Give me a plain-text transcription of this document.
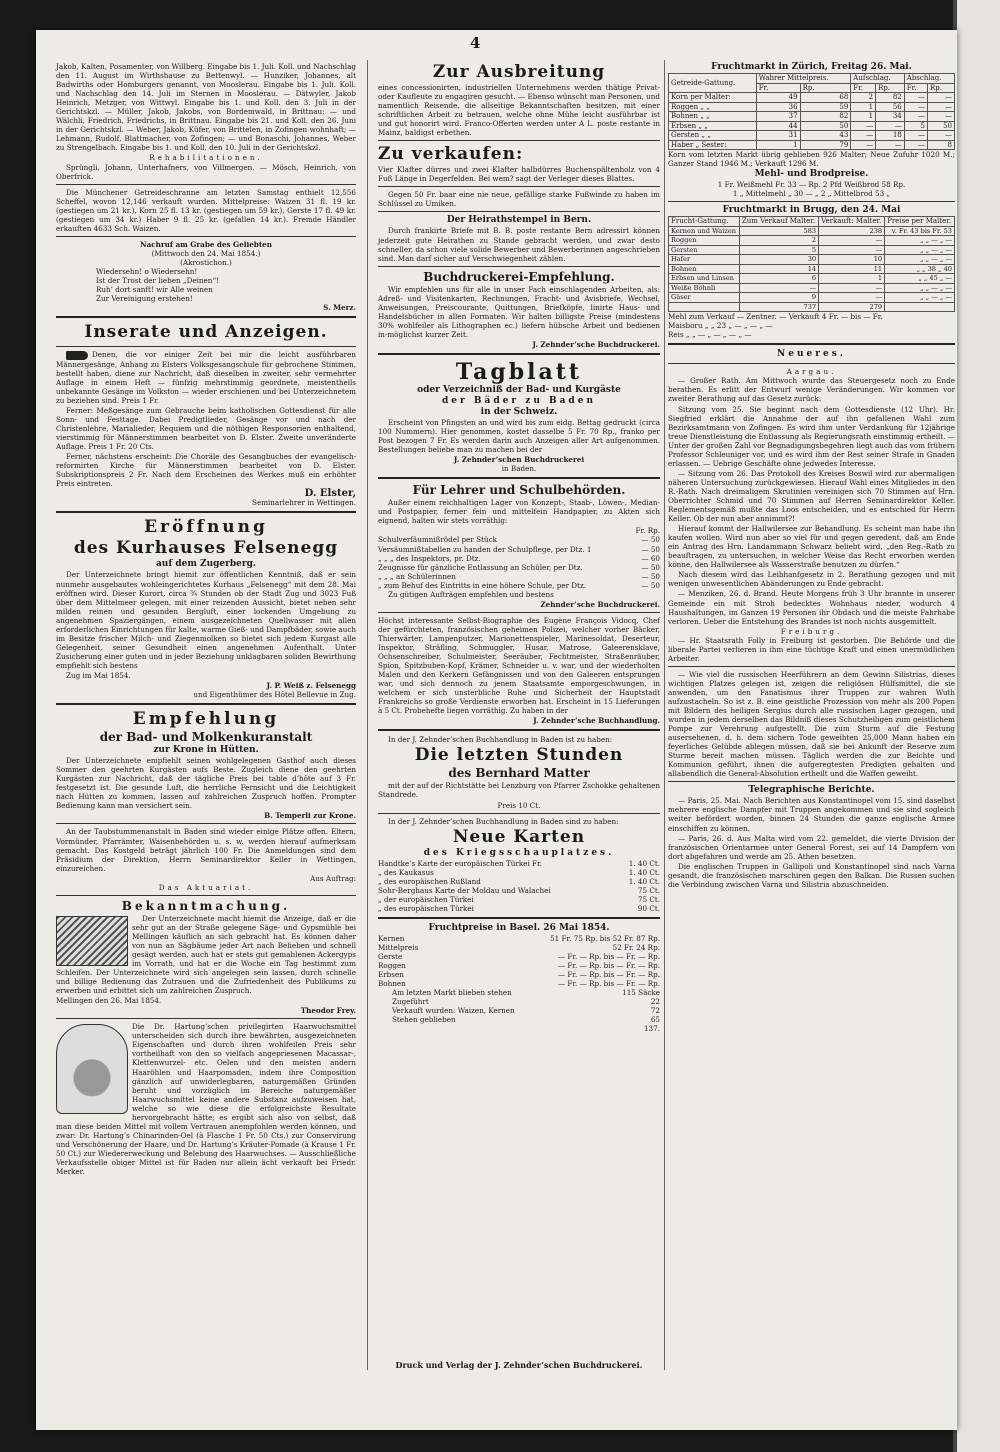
4

Jakob, Kalten, Posamenter, von Willberg. Eingabe bis 1. Juli. Koll. und Nachschlag den 11. August im Wirthshause zu Bettenwyl. — Hunziker, Johannes, alt Badwirths oder Homburgers genannt, von Mooslerau. Eingabe bis 1. Juli. Koll. und Nachschlag den 14. Juli im Sternen in Mooslerau. — Dätwyler, Jakob Heinrich, Metzger, von Wittwyl. Eingabe bis 1. und Koll. den 3. Juli in der Gerichtskzl. — Müller, Jakob, Jakobs, von Bordemwald, in Brittnau; — und Wälchli, Friedrich, Friedrichs, in Brittnau. Eingabe bis 21. und Koll. den 26. Juni in der Gerichtskzl. — Weber, Jakob, Küfer, von Brittelen, in Zofingen wohnhaft; — Lehmann, Rudolf, Blattmacher, von Zofingen; — und Bonaschi, Johannes, Weber zu Strengelbach. Eingabe bis 1. und Koll. den 10. Juli in der Gerichtskzl.

Rehabilitationen.

Sprüngli, Johann, Unterhafners, von Villmergen. — Mösch, Heinrich, von Oberfrick.

Die Münchener Getreideschranne am letzten Samstag enthielt 12,556 Scheffel, wovon 12,146 verkauft wurden. Mittelpreise: Waizen 31 fl. 19 kr. (gestiegen um 21 kr.), Korn 25 fl. 13 kr. (gestiegen um 59 kr.), Gerste 17 fl. 49 kr. (gestiegen um 34 kr.) Haber 9 fl. 25 kr. (gefallen 14 kr.). Fremde Händler erkauften 4633 Sch. Waizen.

Nachruf am Grabe des Geliebten
(Mittwoch den 24. Mai 1854.)
(Akrostichon.)
Wiedersehn! o Wiedersehn!
Ist der Trost der lieben „Deinen“!
Ruh’ dort sanft! wir Alle weinen
Zur Vereinigung erstehen!
S. Merz.
Inserate und Anzeigen.

Denen, die vor einiger Zeit bei mir die leicht ausführbaren Männergesänge, Anhang zu Elsters Volksgesangschule für gebrochene Stimmen, bestellt haben, diene zur Nachricht, daß dieselben in zweiter, sehr vermehrter Auflage in einem Heft — fünfzig mehrstimmig geordnete, meistentheils unbekannte Gesänge im Volkston — wieder erschienen und bei Unterzeichnetem zu beziehen sind. Preis 1 Fr.

Ferner: Meßgesänge zum Gebrauche beim katholischen Gottesdienst für alle Sonn- und Festtage. Dabei Predigtlieder, Gesänge vor und nach der Christenlehre, Marialieder, Requiem und die nöthigen Responsorien enthaltend, vierstimmig für Männerstimmen bearbeitet von D. Elster. Zweite unveränderte Auflage. Preis 1 Fr. 20 Cts.

Ferner, nächstens erscheint: Die Choräle des Gesangbuches der evangelisch-reformirten Kirche für Männerstimmen bearbeitet von D. Elster. Subskriptionspreis 2 Fr. Nach dem Erscheinen des Werkes muß ein erhöhter Preis eintreten.

D. Elster,
Seminarlehrer in Wettingen.
Eröffnung
des Kurhauses Felsenegg
auf dem Zugerberg.

Der Unterzeichnete bringt hiemit zur öffentlichen Kenntniß, daß er sein nunmehr ausgebautes wohleingerichtetes Kurhaus „Felsenegg“ mit dem 28. Mai eröffnen wird. Dieser Kurort, circa ¾ Stunden ob der Stadt Zug und 3023 Fuß über dem Mittelmeer gelegen, mit einer reizenden Aussicht, bietet neben sehr milden reinen und gesunden Bergluft, einer lockenden Umgebung zu angenehmen Spaziergängen, einem ausgezeichneten Quellwasser mit allen erforderlichen Einrichtungen für kalte, warme Gieß- und Dampfbäder, sowie auch im Besitze frischer Milch- und Ziegenmolken so bietet sich jedem Kurgast alle Gelegenheit, seiner Gesundheit einen angenehmen Aufenthalt. Unter Zusicherung einer guten und in jeder Beziehung unklagbaren soliden Bewirthung empfiehlt sich bestens

Zug im Mai 1854.

J. P. Weiß z. Felsenegg
und Eigenthümer des Hôtel Bellevue in Zug.
Empfehlung
der Bad- und Molkenkuranstalt
zur Krone in Hütten.

Der Unterzeichnete empfiehlt seinen wohlgelegenen Gasthof auch dieses Sommer den geehrten Kurgästen aufs Beste. Zugleich diene den geehrten Kurgästen zur Nachricht, daß der tägliche Preis bei table d’hôte auf 3 Fr. festgesetzt ist. Die gesunde Luft, die herrliche Fernsicht und die Leichtigkeit nach Hütten zu kommen, lassen auf zahlreichen Zuspruch hoffen. Prompter Bedienung kann man versichert sein.

B. Temperli zur Krone.

An der Taubstummenanstalt in Baden sind wieder einige Plätze offen. Eltern, Vormünder, Pfarrämter, Waisenbehörden u. s. w. werden hierauf aufmerksam gemacht. Das Kostgeld beträgt jährlich 100 Fr. Die Anmeldungen sind dem Präsidium der Direktion, Herrn Seminardirektor Keller in Wettingen, einzureichen.

Aus Auftrag:
Das Aktuariat.
Bekanntmachung.

Der Unterzeichnete macht hiemit die Anzeige, daß er die sehr gut an der Straße gelegene Säge- und Gypsmühle bei Mellingen käuflich an sich gebracht hat. Es können daher von nun an Sägbäume jeder Art nach Belieben und schnell gesägt werden, auch hat er stets gut gemahlenen Ackergyps im Vorrath, und hat er die Woche ein Tag bestimmt zum Schleifen. Der Unterzeichnete wird sich angelegen sein lassen, durch schnelle und billige Bedienung das Zutrauen und die Zufriedenheit des Publikums zu erwerben und erbittet sich um zahlreichen Zuspruch.

Mellingen den 26. Mai 1854.

Theodor Frey.

Die Dr. Hartung’schen privilegirten Haarwuchsmittel unterscheiden sich durch ihre bewährten, ausgezeichneten Eigenschaften und durch ihren wohlfeilen Preis sehr vortheilhaft von den so vielfach angepriesenen Macassar-, Klettenwurzel- etc. Oelen und den meisten andern Haaröhlen und Haarpomaden, indem ihre Composition gänzlich auf unwiderlegbaren, naturgemäßen Gründen beruht und vorzüglich im Bereiche naturgemäßer Haarwuchsmittel keine andere Substanz aufzuweisen hat, welche so wie diese die erfolgreichste Resultate hervorgebracht hätte; es ergibt sich also von selbst, daß man diese beiden Mittel mit vollem Vertrauen anempfohlen werden können, und zwar: Dr. Hartung’s Chinarinden-Oel (à Flasche 1 Fr. 50 Cts.) zur Conservirung und Verschönerung der Haare, und Dr. Hartung’s Kräuter-Pomade (à Krause 1 Fr. 50 Ct.) zur Wiedererweckung und Belebung des Haarwuchses. — Ausschließliche Verkaufsstelle obiger Mittel ist für Baden nur allein ächt verkauft bei Friedr. Merker.

Zur Ausbreitung

eines concessionirten, industriellen Unternehmens werden thätige Privat- oder Kaufleute zu engagiren gesucht. — Ebenso wünscht man Personen, und namentlich Reisende, die allseitige Bekanntschaften besitzen, mit einer schriftlichen Arbeit zu betrauen, welche ohne Mühe leicht ausführbar ist und gut honorirt wird. Franco-Offerten werden unter A L. poste restante in Mainz, baldigst erbethen.

Zu verkaufen:

Vier Klafter dürres und zwei Klafter halbdürres Buchenspältenholz von 4 Fuß Länge in Degerfelden. Bei wem? sagt der Verleger dieses Blattes.

Gegen 50 Fr. baar eine nie neue, gefällige starke Fußwinde zu haben im Schlüssel zu Umiken.

Der Heirathstempel in Bern.

Durch frankirte Briefe mit B. B. poste restante Bern adressirt können jederzeit gute Heirathen zu Stande gebracht werden, und zwar desto schneller, da schon viele solide Bewerber und Bewerberinnen angeschrieben sind. Man darf sicher auf Verschwiegenheit zählen.

Buchdruckerei-Empfehlung.

Wir empfehlen uns für alle in unser Fach einschlagenden Arbeiten, als: Adreß- und Visitenkarten, Rechnungen, Fracht- und Avisbriefe, Wechsel, Anweisungen, Preiscourante, Quittungen, Briefköpfe, linirte Haus- und Handelsbücher in allen Formaten. Wir halten billigste Preise (mindestens 30% wohlfeiler als Lithographen ec.) liefern hübsche Arbeit und bedienen in-möglichst kurzer Zeit.

J. Zehnder’sche Buchdruckerei.
Tagblatt
oder Verzeichniß der Bad- und Kurgäste
der Bäder zu Baden
in der Schweiz.

Erscheint von Pfingsten an und wird bis zum eidg. Bettag gedruckt (circa 100 Nummern). Hier genommen, kostet dasselbe 5 Fr. 70 Rp., franko per Post bezogen 7 Fr. Es werden darin auch Anzeigen aller Art aufgenommen. Bestellungen beliebe man zu machen bei der

J. Zehnder’schen Buchdruckerei
in Baden.
Für Lehrer und Schulbehörden.

Außer einem reichhaltigen Lager von Konzept-, Staab-, Löwen-, Median- und Postpapier, ferner fein und mittelfein Handpapier, zu Akten sich eignend, halten wir stets vorräthig:

Fr. Rp.
Schulverfäumnißrödel per Stück	— 50
Versäumnißtabellen zu handen der Schulpflege, per Dtz. 1	— 50
„ „ „ des Inspektors, pr. Dtz.	— 60
Zeugnisse für gänzliche Entlassung an Schüler, per Dtz.	— 50
„ „ „ an Schülerinnen	— 50
„ zum Behuf des Eintritts in eine höhere Schule, per Dtz.	— 50

Zu gütigen Aufträgen empfehlen und bestens

Zehnder’sche Buchdruckerei.

Höchst interessante Selbst-Biographie des Eugène François Vidocq, Chef der gefürchteten, französischen geheimen Polizei, welcher vorher Bäcker, Thierwärter, Lampenputzer, Marionettenspieler, Marinesoldat, Deserteur, Inspektor, Sträfling, Schmuggler, Husar, Matrose, Galeerensklave, Ochsenschreiber, Schulmeister, Seeräuber, Fechtmeister, Straßenräuber, Spion, Spitzbuben-Kopf, Krämer, Schneider u. v. war, und der wiederholten Malen und den Kerkern Gefängnissen und von den Galeeren entsprungen war, und sich dennoch zu jenem Staatsamte emporgeschwungen, in welchem er sich unsterbliche Ruhe und Sicherheit der Hauptstadt Frankreichs so große Verdienste erworben hat. Erscheint in 15 Lieferungen à 5 Ct. Probehefte liegen vorräthig. Zu haben in der

J. Zehnder’sche Buchhandlung.

In der J. Zehnder’schen Buchhandlung in Baden ist zu haben:

Die letzten Stunden
des Bernhard Matter

mit der auf der Richtstätte bei Lenzburg von Pfarrer Zschokke gehaltenen Standrede.

Preis 10 Ct.

In der J. Zehnder’schen Buchhandlung in Baden sind zu haben:

Neue Karten
des Kriegsschauplatzes.
Handtke’s Karte der europäischen Türkei Fr.	1. 40 Ct.
„ des Kaukasus	1. 40 Ct.
„ des europäischen Rußland	1. 40 Ct.
Sohr-Berghaus Karte der Moldau und Walachei	75 Ct.
„ der europäischen Türkei	75 Ct.
„ des europäischen Türkei	90 Ct.
Fruchtpreise in Basel. 26 Mai 1854.
Kernen	51 Fr. 75 Rp. bis 52 Fr. 87 Rp.
Mittelpreis	52 Fr. 24 Rp.
Gerste	— Fr. — Rp. bis — Fr. — Rp.
Roggen	— Fr. — Rp. bis — Fr. — Rp.
Erbsen	— Fr. — Rp. bis — Fr. — Rp.
Bohnen	— Fr. — Rp. bis — Fr. — Rp.
Am letzten Markt blieben stehen	115 Säcke
Zugeführt	22
Verkauft wurden: Waizen, Kernen	72
Stehen geblieben	65
137.
Fruchtmarkt in Zürich, Freitag 26. Mai.
Getreide-Gattung.	Wahrer Mittelpreis.		Aufschlag.		Abschlag.	
	Fr.	Rp.	Fr.	Rp.	Fr.	Rp.
Korn per Malter:	49	68	2	82	—	—
Roggen „ „	36	59	1	56	—	—
Bohnen „ „	37	82	1	34	—	—
Erbsen „ „	44	50	—	—	5	50
Gersten „ „	31	43	—	18	—	—
Haber „ Sester:	1	79	—	—	—	8

Korn vom letzten Markt übrig geblieben 926 Malter; Neue Zufuhr 1020 M.; Ganzer Stand 1946 M.; Verkauft 1296 M.

Mehl- und Brodpreise.
1 Fr. Weißmehl Fr. 33 — Rp. 2 Pfd Weißbrod 58 Rp.
1 „ Mittelmehl „ 30 — „ 2 „ Mittelbrod 53 „
Fruchtmarkt in Brugg, den 24. Mai
Frucht-Gattung.	Zum Verkauf Malter.	Verkauft: Malter.	Preise per Malter.
Kernen und Waizen	583	238	v. Fr. 43 bis Fr. 53
Roggen	2	—	„ „ — „ —
Gersten	5	—	„ „ — „ —
Hafer	30	10	„ „ — „ —
Bohnen	14	11	„ „ 38 „ 40
Erbsen und Linsen	6	1	„ „ 45 „ —
Weiße Böhnli	—	—	„ „ — „ —
Gäser	9	—	„ „ — „ —
	737	279	
Mehl zum Verkauf — Zentner. — Verkauft 4 Fr. — bis — Fr.
Maisboru „ „ 23 „ — „ — „ —
Reis „ „ — „ — „ — „ —
Neueres.
Aargau.

— Großer Rath. Am Mittwoch wurde das Steuergesetz noch zu Ende berathen. Es erlitt der Entwurf wenige Veränderungen. Wir kommen vor zweiter Berathung auf das Gesetz zurück.

Sitzung vom 25. Sie beginnt nach dem Gottesdienste (12 Uhr). Hr. Siegfried erklärt die Annahme der auf ihn gefallenen Wahl zum Bezirksamtmann von Zofingen. Es wird ihm unter Verdankung für 12jährige treue Dienstleistung die Entlassung als Regierungsrath einstimmig ertheilt. — Unter der großen Zahl vor Begnadigungsbegehren liegt auch das vom frühern Professor Schleuniger vor, und es wird ihm der Rest seiner Strafe in Gnaden erlassen. — Uebrige Geschäfte ohne jedwedes Interesse.

— Sitzung vom 26. Das Protokoll des Kreises Boswil wird zur abermaligen näheren Untersuchung zurückgewiesen. Hierauf Wahl eines Mitgliedes in den R.-Rath. Nach dreimaligem Skrutinien vereinigen sich 70 Stimmen auf Hrn. Oberrichter Schmid und 70 Stimmen auf Herren Seminardirektor Keller. Reglementsgemäß mußte das Loos entscheiden, und es entschied für Herrn Keller. Ob der nun aber annimmt?!

Hierauf kommt der Hallwilersee zur Behandlung. Es scheint man habe ihn kaufen wollen. Wird nun aber so viel für und gegen geredent, daß am Ende ein Antrag des Hrn. Landammann Schwarz beliebt wird, „den Reg.-Rath zu beauftragen, zu untersuchen, in welcher Weise das Recht erworben werden könne, den Hallwilersee als Wasserstraße benutzen zu dürfen.“

Nach diesem wird das Leibhanfgesetz in 2. Berathung gezogen und mit wenigen unwesentlichen Abänderungen zu Ende gebracht.

— Menziken, 26. d. Brand. Heute Morgens früh 3 Uhr brannte in unserer Gemeinde ein mit Stroh bedecktes Wohnhaus nieder, wodurch 4 Haushaltungen, im Ganzen 19 Personen ihr Obdach und die meiste Fahrhabe verloren. Ueber die Entstehung des Brandes ist noch nichts ausgemittelt.

Freiburg.

— Hr. Staatsrath Folly in Freiburg ist gestorben. Die Behörde und die liberale Partei verlieren in ihm eine tüchtige Kraft und einen unermüdlichen Arbeiter.

— Wie viel die russischen Heerführern an dem Gewinn Silistrias, dieses wichtigen Platzes gelegen ist, zeigen die religiösen Hülfsmittel, die sie anwenden, um den Fanatismus ihrer Truppen zur wahren Wuth aufzustacheln. So ist z. B. eine geistliche Prozession von mehr als 200 Popen mit Bildern des heiligen Sergius durch alle russischen Lager gezogen, und wurden in jedem derselben das Bildniß dieses Schutzheiligen zum geistlichem Pompe zur Verehrung aufgestellt. Die zum Sturm auf die Festung ausersehenen, d. h. dem sichern Tode geweihten 25,000 Mann haben ein feyerliches Gelübde ablegen müssen, daß sie bei Ankunft der Reserve zum Sturme bereit machen müssen. Täglich werden die zur Beichte und Kommunion geführt, ihnen die aufgeregtesten Predigten gehalten und allabendlich die General-Absolution ertheilt und die Waffen geweiht.

Telegraphische Berichte.

— Paris, 25. Mai. Nach Berichten aus Konstantinopel vom 15. sind daselbst mehrere englische Dampfer mit Truppen angekommen und sie sind sogleich weiter befördert worden, binnen 24 Stunden die ganze englische Armee einschiffen zu können.

— Paris, 26. d. Aus Malta wird vom 22. gemeldet, die vierte Division der französischen Orientarmee unter General Forest, sei auf 14 Dampfern von dort abgefahren und werde am 25. Athen besetzen.

Die englischen Truppen in Gallipoli und Konstantinopel sind nach Varna gesandt, die französischen marschiren gegen den Balkan. Die Russen suchen die Verbindung zwischen Varna und Silistria abzuschneiden.

Druck und Verlag der J. Zehnder’schen Buchdruckerei.
